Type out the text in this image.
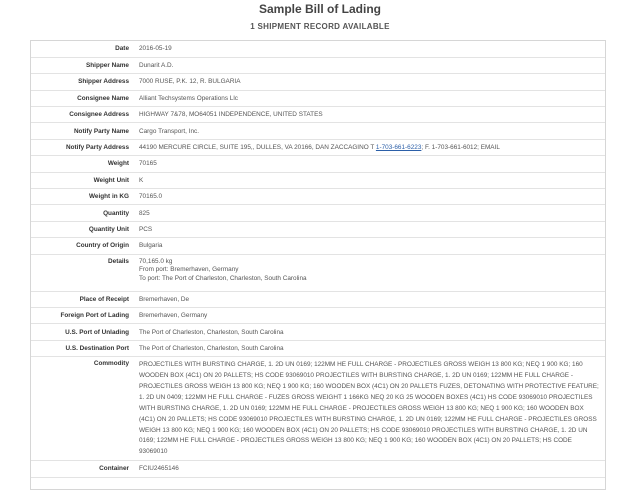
Sample Bill of Lading
1 SHIPMENT RECORD AVAILABLE
Date	2016-05-19
Shipper Name	Dunarit A.D.
Shipper Address	7000 RUSE, P.K. 12, R. BULGARIA
Consignee Name	Alliant Techsystems Operations Llc
Consignee Address	HIGHWAY 7&78, MO64051 INDEPENDENCE, UNITED STATES
Notify Party Name	Cargo Transport, Inc.
Notify Party Address	44190 MERCURE CIRCLE, SUITE 195,, DULLES, VA 20166, DAN ZACCAGINO T 1-703-661-6223; F. 1-703-661-6012; EMAIL
Weight	70165
Weight Unit	K
Weight in KG	70165.0
Quantity	825
Quantity Unit	PCS
Country of Origin	Bulgaria
Details	70,165.0 kg
From port: Bremerhaven, Germany
To port: The Port of Charleston, Charleston, South Carolina

Place of Receipt	Bremerhaven, De
Foreign Port of Lading	Bremerhaven, Germany
U.S. Port of Unlading	The Port of Charleston, Charleston, South Carolina
U.S. Destination Port	The Port of Charleston, Charleston, South Carolina
Commodity	PROJECTILES WITH BURSTING CHARGE, 1. 2D UN 0169; 122MM HE FULL CHARGE - PROJECTILES GROSS WEIGH 13 800 KG; NEQ 1 900 KG; 160 WOODEN BOX (4C1) ON 20 PALLETS; HS CODE 93069010 PROJECTILES WITH BURSTING CHARGE, 1. 2D UN 0169; 122MM HE FULL CHARGE - PROJECTILES GROSS WEIGH 13 800 KG; NEQ 1 900 KG; 160 WOODEN BOX (4C1) ON 20 PALLETS FUZES, DETONATING WITH PROTECTIVE FEATURE; 1. 2D UN 0409; 122MM HE FULL CHARGE - FUZES GROSS WEIGHT 1 166KG NEQ 20 KG 25 WOODEN BOXES (4C1) HS CODE 93069010 PROJECTILES WITH BURSTING CHARGE, 1. 2D UN 0169; 122MM HE FULL CHARGE - PROJECTILES GROSS WEIGH 13 800 KG; NEQ 1 900 KG; 160 WOODEN BOX (4C1) ON 20 PALLETS; HS CODE 93069010 PROJECTILES WITH BURSTING CHARGE, 1. 2D UN 0169; 122MM HE FULL CHARGE - PROJECTILES GROSS WEIGH 13 800 KG; NEQ 1 900 KG; 160 WOODEN BOX (4C1) ON 20 PALLETS; HS CODE 93069010 PROJECTILES WITH BURSTING CHARGE, 1. 2D UN 0169; 122MM HE FULL CHARGE - PROJECTILES GROSS WEIGH 13 800 KG; NEQ 1 900 KG; 160 WOODEN BOX (4C1) ON 20 PALLETS; HS CODE 93069010
Container	FCIU2465146
